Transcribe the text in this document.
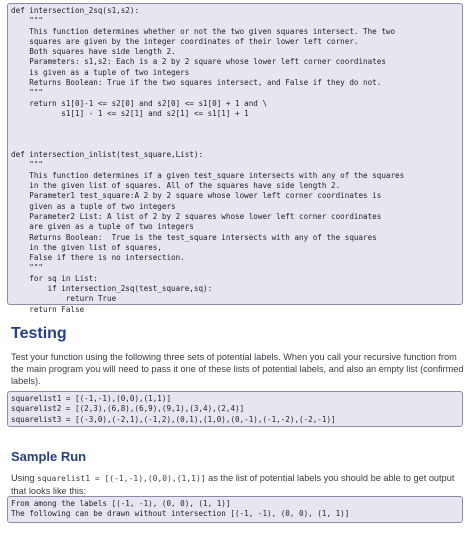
def intersection_2sq(s1,s2):
"""
This function determines whether or not the two given squares intersect. The two
squares are given by the integer coordinates of their lower left corner.
Both squares have side length 2.
Parameters: s1,s2: Each is a 2 by 2 square whose lower left corner coordinates
is given as a tuple of two integers
Returns Boolean: True if the two squares intersect, and False if they do not.
"""
return s1[0]-1 <= s2[0] and s2[0] <= s1[0] + 1 and \
s1[1] - 1 <= s2[1] and s2[1] <= s1[1] + 1

def intersection_inlist(test_square,List):
"""
This function determines if a given test_square intersects with any of the squares
in the given list of squares. All of the squares have side length 2.
Parameter1 test_square:A 2 by 2 square whose lower left corner coordinates is
given as a tuple of two integers
Parameter2 List: A list of 2 by 2 squares whose lower left corner coordinates
are given as a tuple of two integers
Returns Boolean:  True is the test_square intersects with any of the squares
in the given list of squares,
False if there is no intersection.
"""
for sq in List:
if intersection_2sq(test_square,sq):
return True
return False
Testing

Test your function using the following three sets of potential labels. When you call your recursive function from the main program you will need to pass it one of these lists of potential labels, and also an empty list (confirmed labels).

squarelist1 = [(-1,-1),(0,0),(1,1)]
squarelist2 = [(2,3),(6,8),(6,9),(9,1),(3,4),(2,4)]
squarelist3 = [(-3,0),(-2,1),(-1,2),(0,1),(1,0),(0,-1),(-1,-2),(-2,-1)]
Sample Run

Using squarelist1 = [(-1,-1),(0,0),(1,1)] as the list of potential labels you should be able to get output that looks like this:

From among the labels [(-1, -1), (0, 0), (1, 1)]
The following can be drawn without intersection [(-1, -1), (0, 0), (1, 1)]
